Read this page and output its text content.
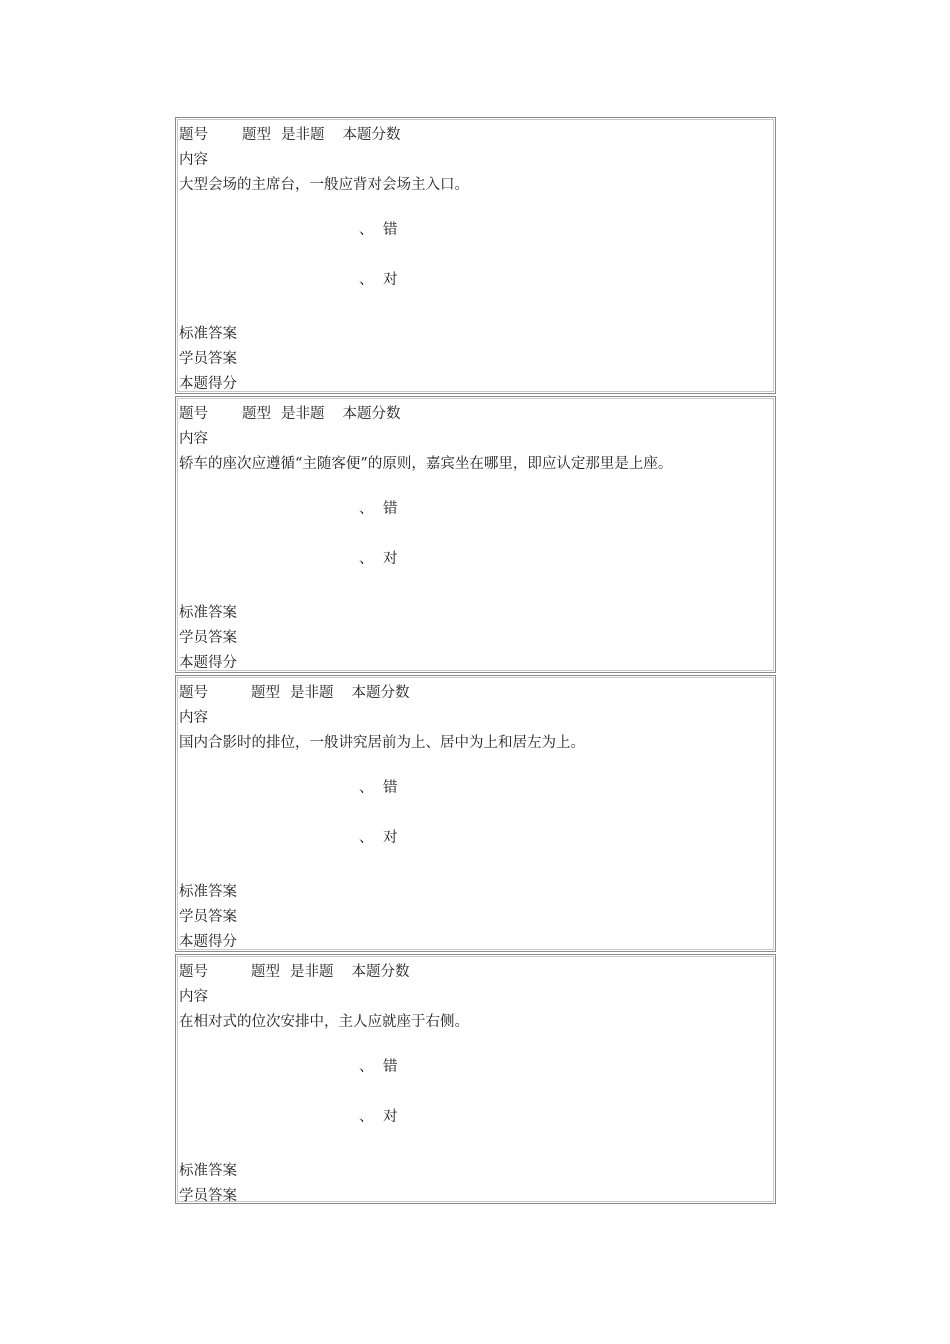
题号 题型 是非题 本题分数
内容
大型会场的主席台，一般应背对会场主入口。
、 错
、 对
标准答案
学员答案
本题得分
题号 题型 是非题 本题分数
内容
轿车的座次应遵循“主随客便”的原则，嘉宾坐在哪里，即应认定那里是上座。
、 错
、 对
标准答案
学员答案
本题得分
题号	题型 是非题 本题分数
内容
国内合影时的排位，一般讲究居前为上、居中为上和居左为上。
、 错
、 对
标准答案
学员答案
本题得分
题号	题型 是非题 本题分数
内容
在相对式的位次安排中，主人应就座于右侧。
、 错
、 对
标准答案
学员答案
